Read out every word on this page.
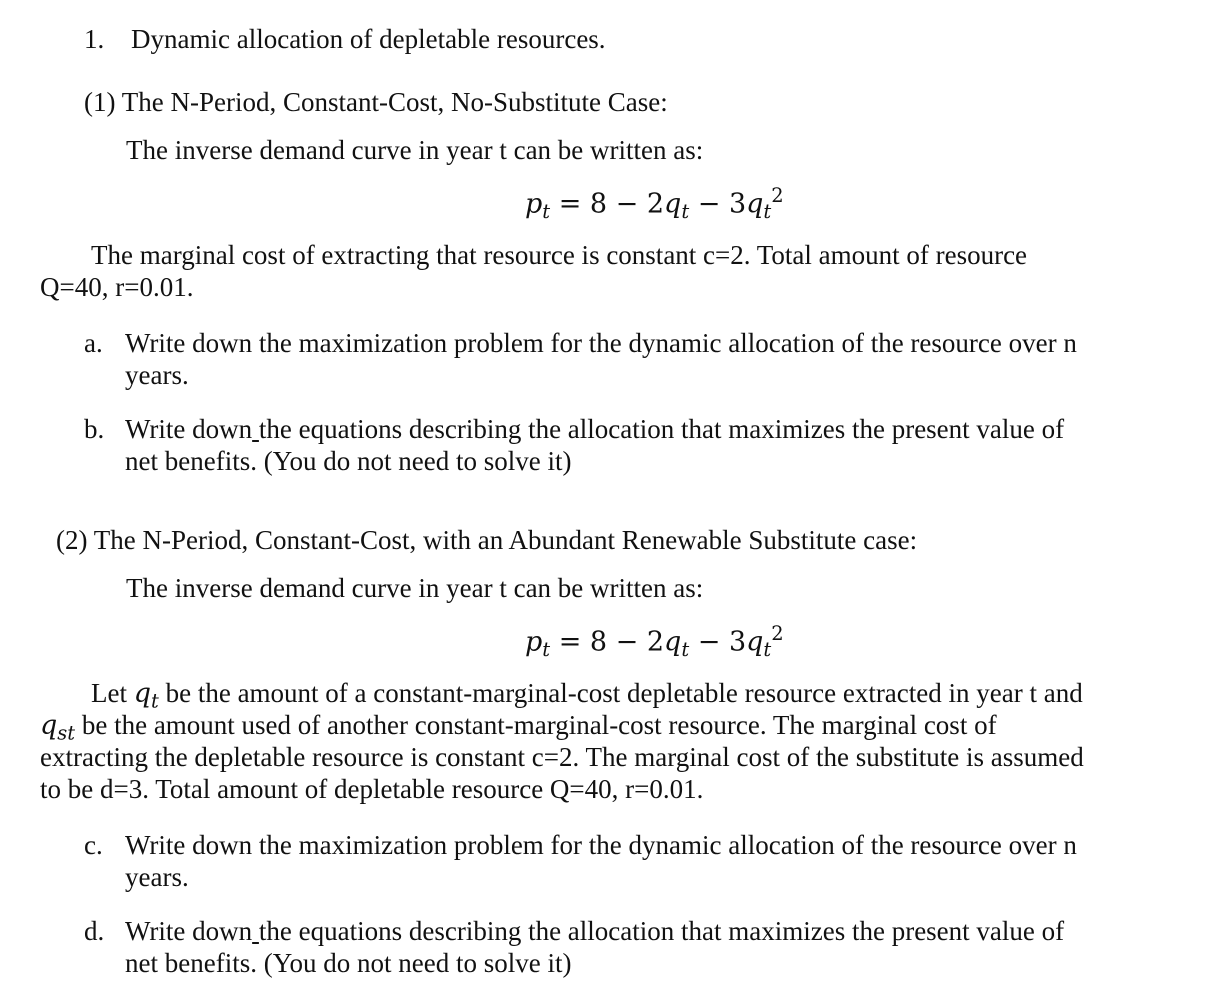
1. Dynamic allocation of depletable resources.
(1) The N-Period, Constant-Cost, No-Substitute Case:
The inverse demand curve in year t can be written as:
$p_t = 8 - 2q_t - 3q_t^2$
The marginal cost of extracting that resource is constant c=2. Total amount of resource
Q=40, r=0.01.
a. Write down the maximization problem for the dynamic allocation of the resource over n
years.
b. Write down the equations describing the allocation that maximizes the present value of
net benefits. (You do not need to solve it)
(2) The N-Period, Constant-Cost, with an Abundant Renewable Substitute case:
The inverse demand curve in year t can be written as:
$p_t = 8 - 2q_t - 3q_t^2$
Let $q_t$ be the amount of a constant-marginal-cost depletable resource extracted in year t and
$q_{st}$ be the amount used of another constant-marginal-cost resource. The marginal cost of
extracting the depletable resource is constant c=2. The marginal cost of the substitute is assumed
to be d=3. Total amount of depletable resource Q=40, r=0.01.
c. Write down the maximization problem for the dynamic allocation of the resource over n
years.
d. Write down the equations describing the allocation that maximizes the present value of
net benefits. (You do not need to solve it)
